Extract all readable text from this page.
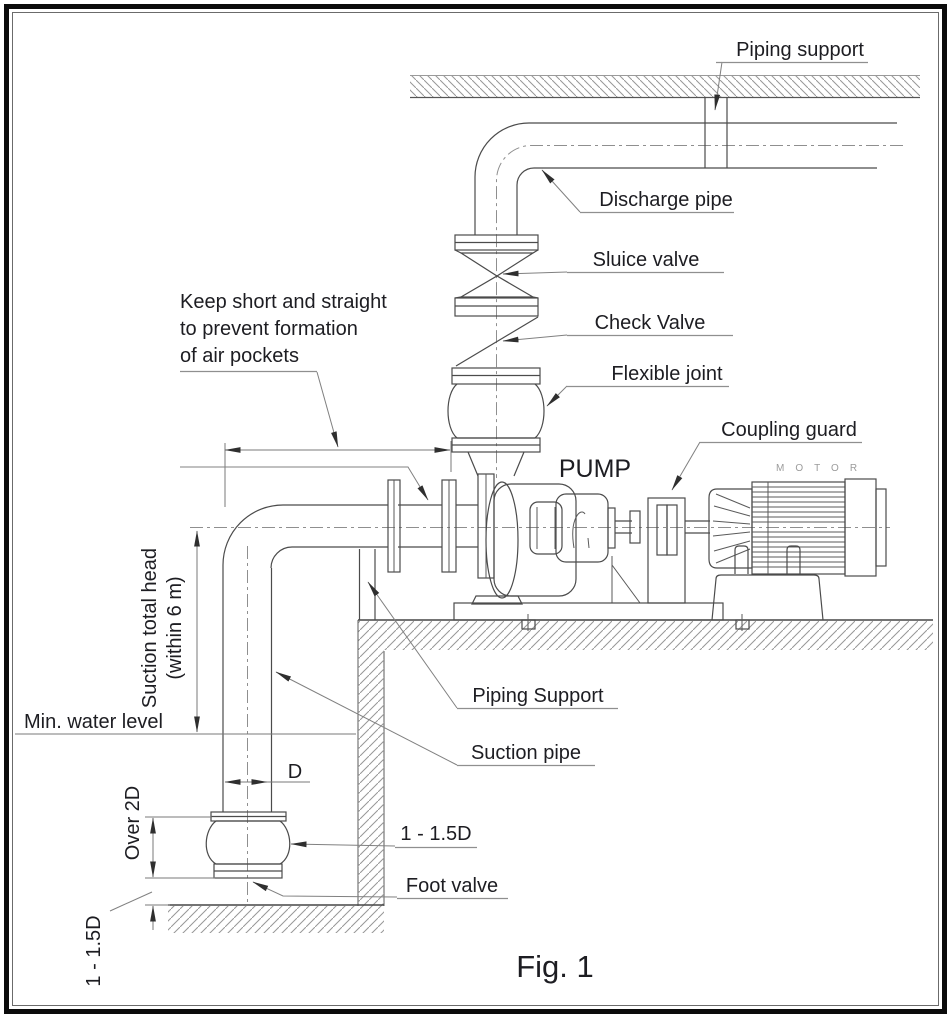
Piping support
Discharge pipe
Sluice valve
Check Valve
Flexible joint
Coupling guard
PUMP	MOTOR
Keep short and straight
to prevent formation
of air pockets
Suction total head (within 6 m)
Min. water level
Piping Support
Suction pipe
D
Over 2D
1 - 1.5D
1 - 1.5D
Foot valve
Fig. 1
